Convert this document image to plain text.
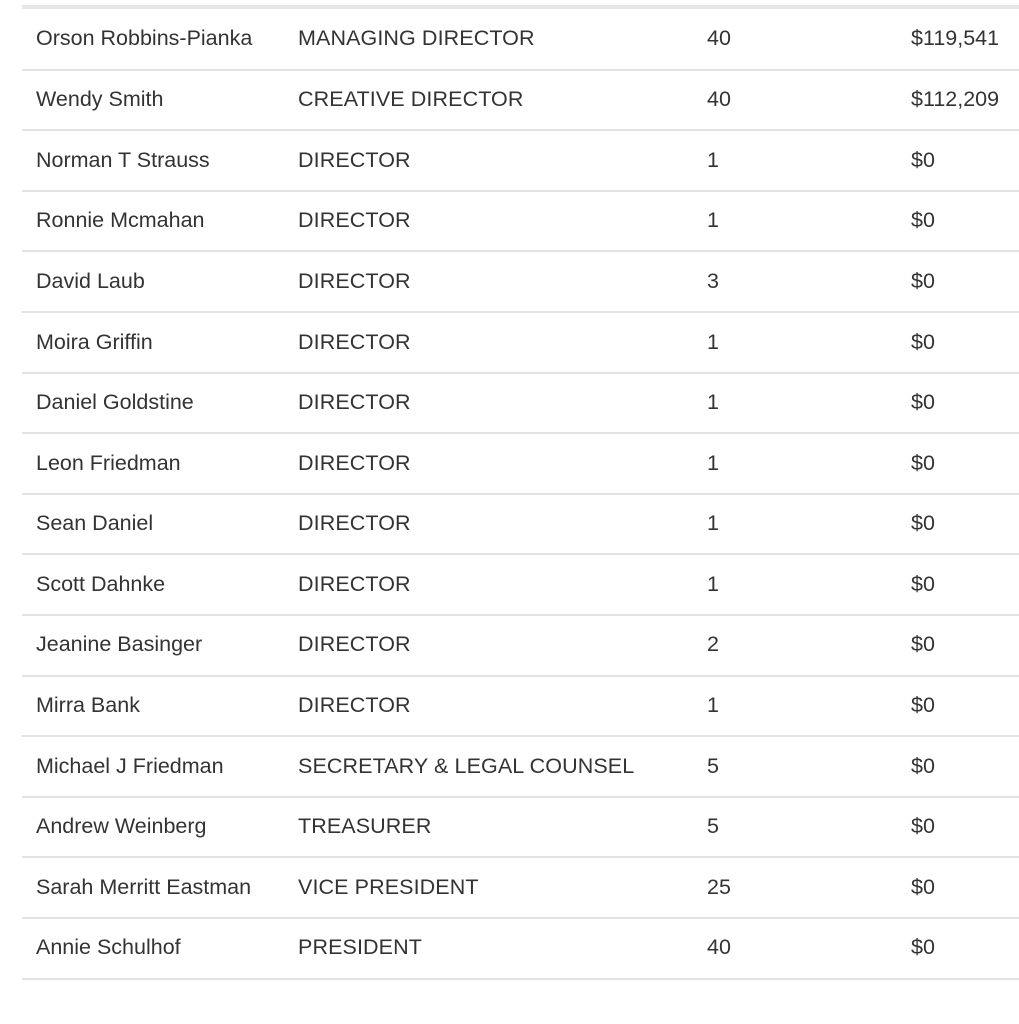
Orson Robbins-Pianka	MANAGING DIRECTOR	40	$119,541
Wendy Smith	CREATIVE DIRECTOR	40	$112,209
Norman T Strauss	DIRECTOR	1	$0
Ronnie Mcmahan	DIRECTOR	1	$0
David Laub	DIRECTOR	3	$0
Moira Griffin	DIRECTOR	1	$0
Daniel Goldstine	DIRECTOR	1	$0
Leon Friedman	DIRECTOR	1	$0
Sean Daniel	DIRECTOR	1	$0
Scott Dahnke	DIRECTOR	1	$0
Jeanine Basinger	DIRECTOR	2	$0
Mirra Bank	DIRECTOR	1	$0
Michael J Friedman	SECRETARY & LEGAL COUNSEL	5	$0
Andrew Weinberg	TREASURER	5	$0
Sarah Merritt Eastman	VICE PRESIDENT	25	$0
Annie Schulhof	PRESIDENT	40	$0
